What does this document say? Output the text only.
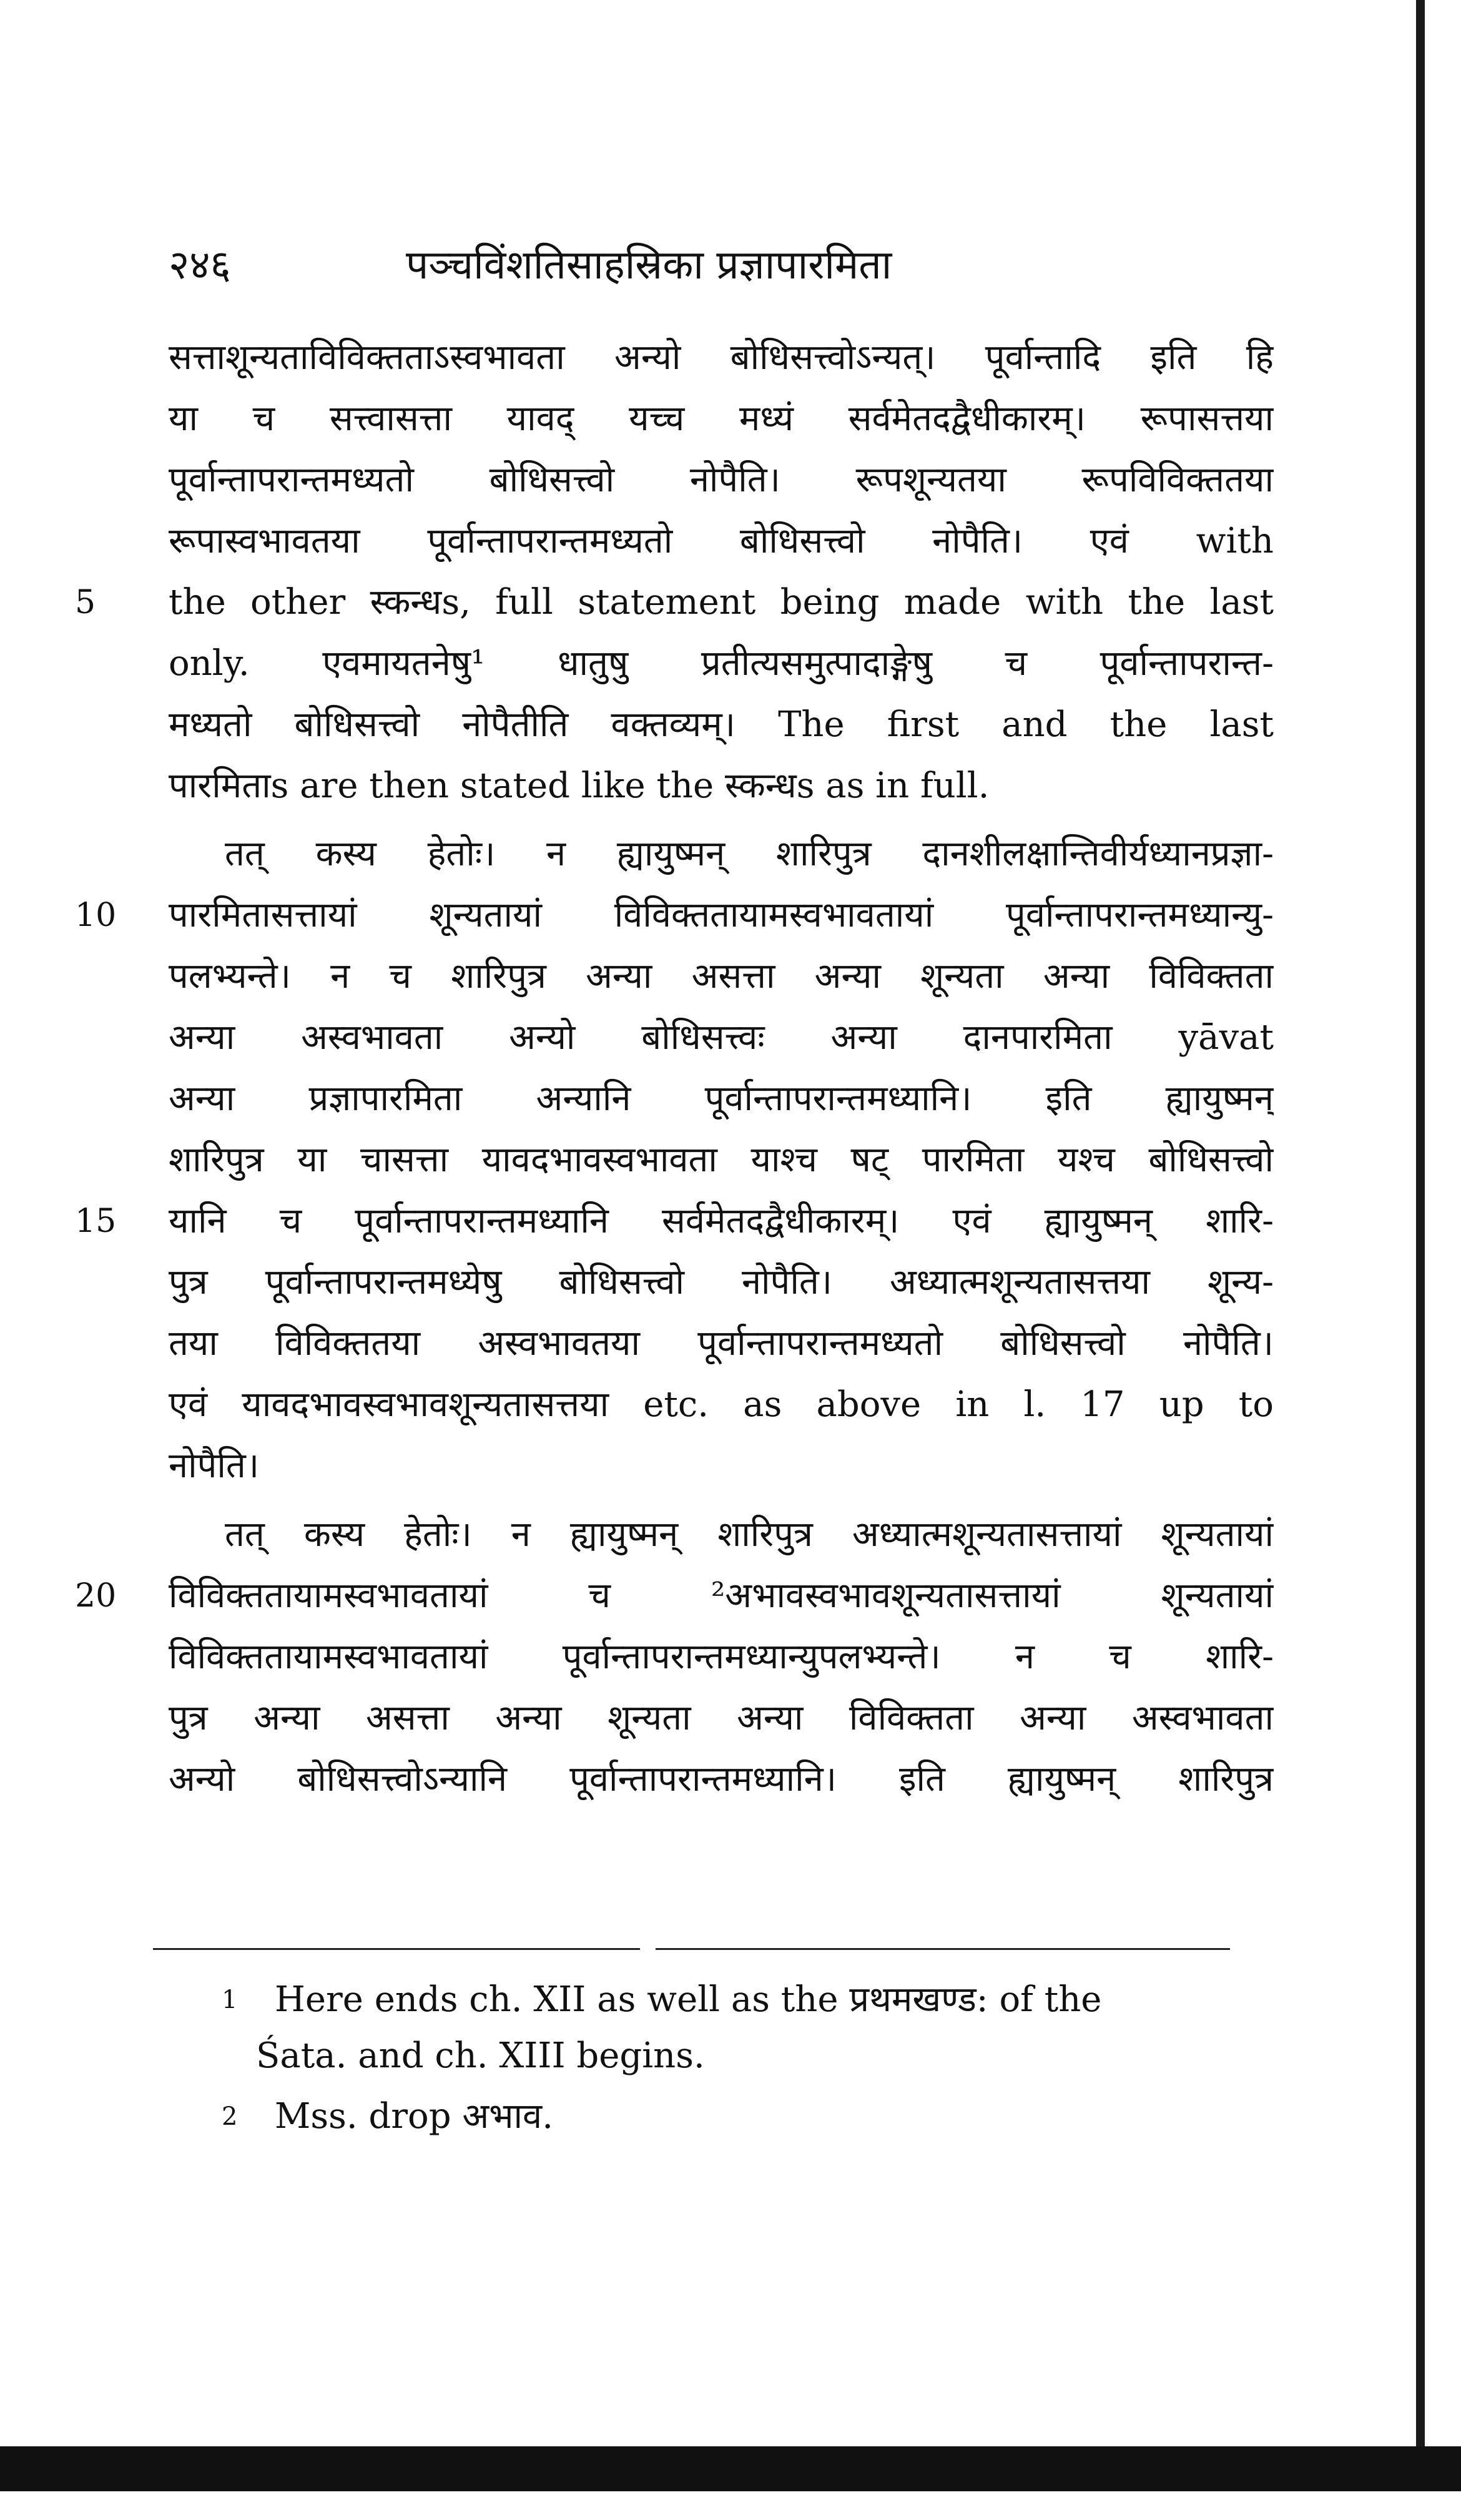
२४६	पञ्चविंशतिसाहस्रिका प्रज्ञापारमिता
सत्ताशून्यताविविक्तताऽस्वभावता अन्यो बोधिसत्त्वोऽन्यत्। पूर्वान्तादि इति हि
या च सत्त्वासत्ता यावद् यच्च मध्यं सर्वमेतदद्वैधीकारम्। रूपासत्तया
पूर्वान्तापरान्तमध्यतो बोधिसत्त्वो नोपैति। रूपशून्यतया रूपविविक्ततया
रूपास्वभावतया पूर्वान्तापरान्तमध्यतो बोधिसत्त्वो नोपैति। एवं with
5	the other स्कन्धs, full statement being made with the last
only. एवमायतनेषु¹ धातुषु प्रतीत्यसमुत्पादाङ्गेषु च पूर्वान्तापरान्त-
मध्यतो बोधिसत्त्वो नोपैतीति वक्तव्यम्। The first and the last
पारमिताs are then stated like the स्कन्धs as in full.
तत् कस्य हेतोः। न ह्यायुष्मन् शारिपुत्र दानशीलक्षान्तिवीर्यध्यानप्रज्ञा-
10	पारमितासत्तायां शून्यतायां विविक्ततायामस्वभावतायां पूर्वान्तापरान्तमध्यान्यु-
पलभ्यन्ते। न च शारिपुत्र अन्या असत्ता अन्या शून्यता अन्या विविक्तता
अन्या अस्वभावता अन्यो बोधिसत्त्वः अन्या दानपारमिता yāvat
अन्या प्रज्ञापारमिता अन्यानि पूर्वान्तापरान्तमध्यानि। इति ह्यायुष्मन्
शारिपुत्र या चासत्ता यावदभावस्वभावता याश्च षट् पारमिता यश्च बोधिसत्त्वो
15	यानि च पूर्वान्तापरान्तमध्यानि सर्वमेतदद्वैधीकारम्। एवं ह्यायुष्मन् शारि-
पुत्र पूर्वान्तापरान्तमध्येषु बोधिसत्त्वो नोपैति। अध्यात्मशून्यतासत्तया शून्य-
तया विविक्ततया अस्वभावतया पूर्वान्तापरान्तमध्यतो बोधिसत्त्वो नोपैति।
एवं यावदभावस्वभावशून्यतासत्तया etc. as above in l. 17 up to
नोपैति।
तत् कस्य हेतोः। न ह्यायुष्मन् शारिपुत्र अध्यात्मशून्यतासत्तायां शून्यतायां
20	विविक्ततायामस्वभावतायां च ²अभावस्वभावशून्यतासत्तायां शून्यतायां
विविक्ततायामस्वभावतायां पूर्वान्तापरान्तमध्यान्युपलभ्यन्ते। न च शारि-
पुत्र अन्या असत्ता अन्या शून्यता अन्या विविक्तता अन्या अस्वभावता
अन्यो बोधिसत्त्वोऽन्यानि पूर्वान्तापरान्तमध्यानि। इति ह्यायुष्मन् शारिपुत्र
1 Here ends ch. XII as well as the प्रथमखण्ड: of the
Śata. and ch. XIII begins.
2 Mss. drop अभाव.
